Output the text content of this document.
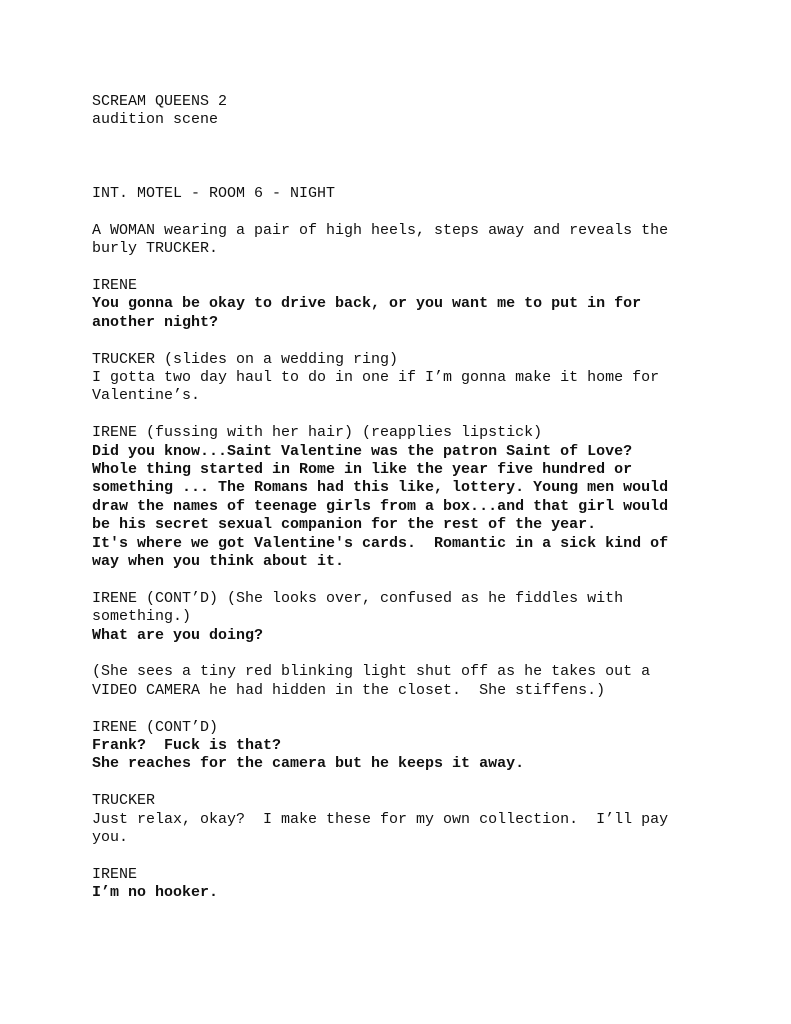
SCREAM QUEENS 2
audition scene
INT. MOTEL - ROOM 6 - NIGHT
A WOMAN wearing a pair of high heels, steps away and reveals the
burly TRUCKER.
IRENE
You gonna be okay to drive back, or you want me to put in for
another night?
TRUCKER (slides on a wedding ring)
I gotta two day haul to do in one if I’m gonna make it home for
Valentine’s.
IRENE (fussing with her hair) (reapplies lipstick)
Did you know...Saint Valentine was the patron Saint of Love?
Whole thing started in Rome in like the year five hundred or
something ... The Romans had this like, lottery. Young men would
draw the names of teenage girls from a box...and that girl would
be his secret sexual companion for the rest of the year.
It's where we got Valentine's cards.  Romantic in a sick kind of
way when you think about it.
IRENE (CONT’D) (She looks over, confused as he fiddles with
something.)
What are you doing?
(She sees a tiny red blinking light shut off as he takes out a
VIDEO CAMERA he had hidden in the closet.  She stiffens.)
IRENE (CONT’D)
Frank?  Fuck is that?
She reaches for the camera but he keeps it away.
TRUCKER
Just relax, okay?  I make these for my own collection.  I’ll pay
you.
IRENE
I’m no hooker.
